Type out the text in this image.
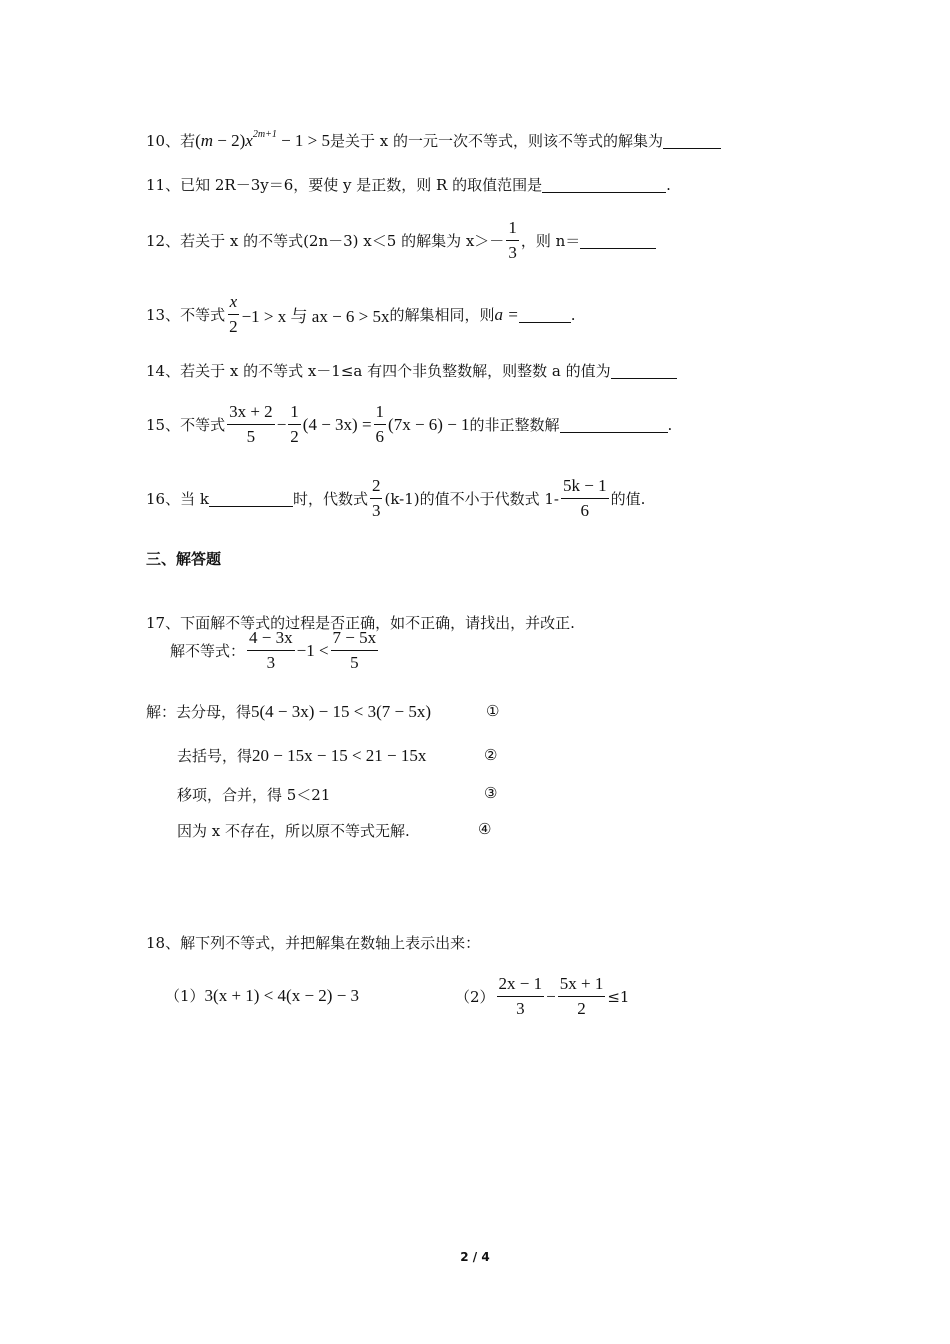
10、若 $(m - 2)x^{2m+1} - 1 > 5$ 是关于 x 的一元一次不等式，则该不等式的解集为
11、已知 2R－3y＝6，要使 y 是正数，则 R 的取值范围是	.
12、若关于 x 的不等式(2n－3) x＜5 的解集为 $x>- \frac{1}{3}$ ，则 n＝
13、不等式 $\frac{x}{2} -1 > x$ 与 ax − 6 > 5x 的解集相同，则 a =	.
14、若关于 x 的不等式 x－1≤a 有四个非负整数解，则整数 a 的值为
15、不等式 $\frac{3x + 2}{5} - \frac{1}{2} (4 - 3x) = \frac{1}{6} (7x - 6) - 1$ 的非正整数解	.
16、当 k	时，代数式 $\frac{2}{3} (k-1)$的值不小于代数式 $1- \frac{5k - 1}{6}$ 的值.
三、解答题
17、下面解不等式的过程是否正确，如不正确，请找出，并改正.
解不等式： $\frac{4 - 3x}{3} -1 < \frac{7 - 5x}{5}$
解：去分母，得 5(4 − 3x) − 15 < 3(7 − 5x)	①
去括号，得 20 − 15x − 15 < 21 − 15x	②
移项，合并，得 5＜21	③
因为 x 不存在，所以原不等式无解.	④
18、解下列不等式，并把解集在数轴上表示出来：
（1） 3(x + 1) < 4(x − 2) − 3	$(2) \frac{2x - 1}{3} - \frac{5x + 1}{2} \le 1$
2 / 4
